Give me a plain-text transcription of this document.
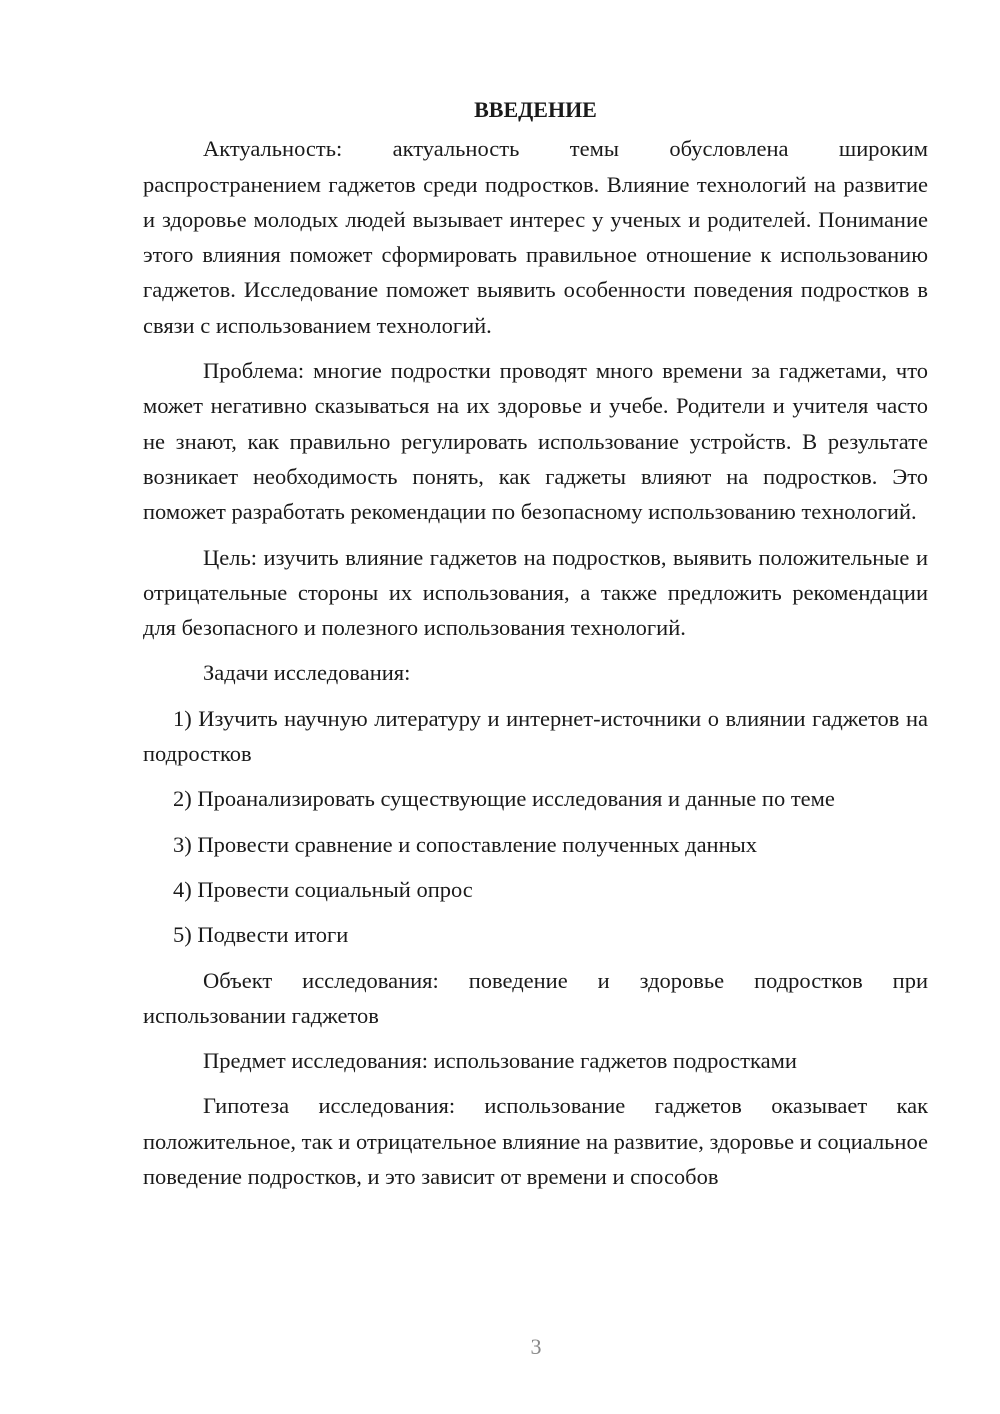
ВВЕДЕНИЕ

Актуальность: актуальность темы обусловлена широким распространением гаджетов среди подростков. Влияние технологий на развитие и здоровье молодых людей вызывает интерес у ученых и родителей. Понимание этого влияния поможет сформировать правильное отношение к использованию гаджетов. Исследование поможет выявить особенности поведения подростков в связи с использованием технологий.

Проблема: многие подростки проводят много времени за гаджетами, что может негативно сказываться на их здоровье и учебе. Родители и учителя часто не знают, как правильно регулировать использование устройств. В результате возникает необходимость понять, как гаджеты влияют на подростков. Это поможет разработать рекомендации по безопасному использованию технологий.

Цель: изучить влияние гаджетов на подростков, выявить положительные и отрицательные стороны их использования, а также предложить рекомендации для безопасного и полезного использования технологий.

Задачи исследования:

1) Изучить научную литературу и интернет-источники о влиянии гаджетов на подростков

2) Проанализировать существующие исследования и данные по теме

3) Провести сравнение и сопоставление полученных данных

4) Провести социальный опрос

5) Подвести итоги

Объект исследования: поведение и здоровье подростков при использовании гаджетов

Предмет исследования: использование гаджетов подростками

Гипотеза исследования: использование гаджетов оказывает как положительное, так и отрицательное влияние на развитие, здоровье и социальное поведение подростков, и это зависит от времени и способов

3
